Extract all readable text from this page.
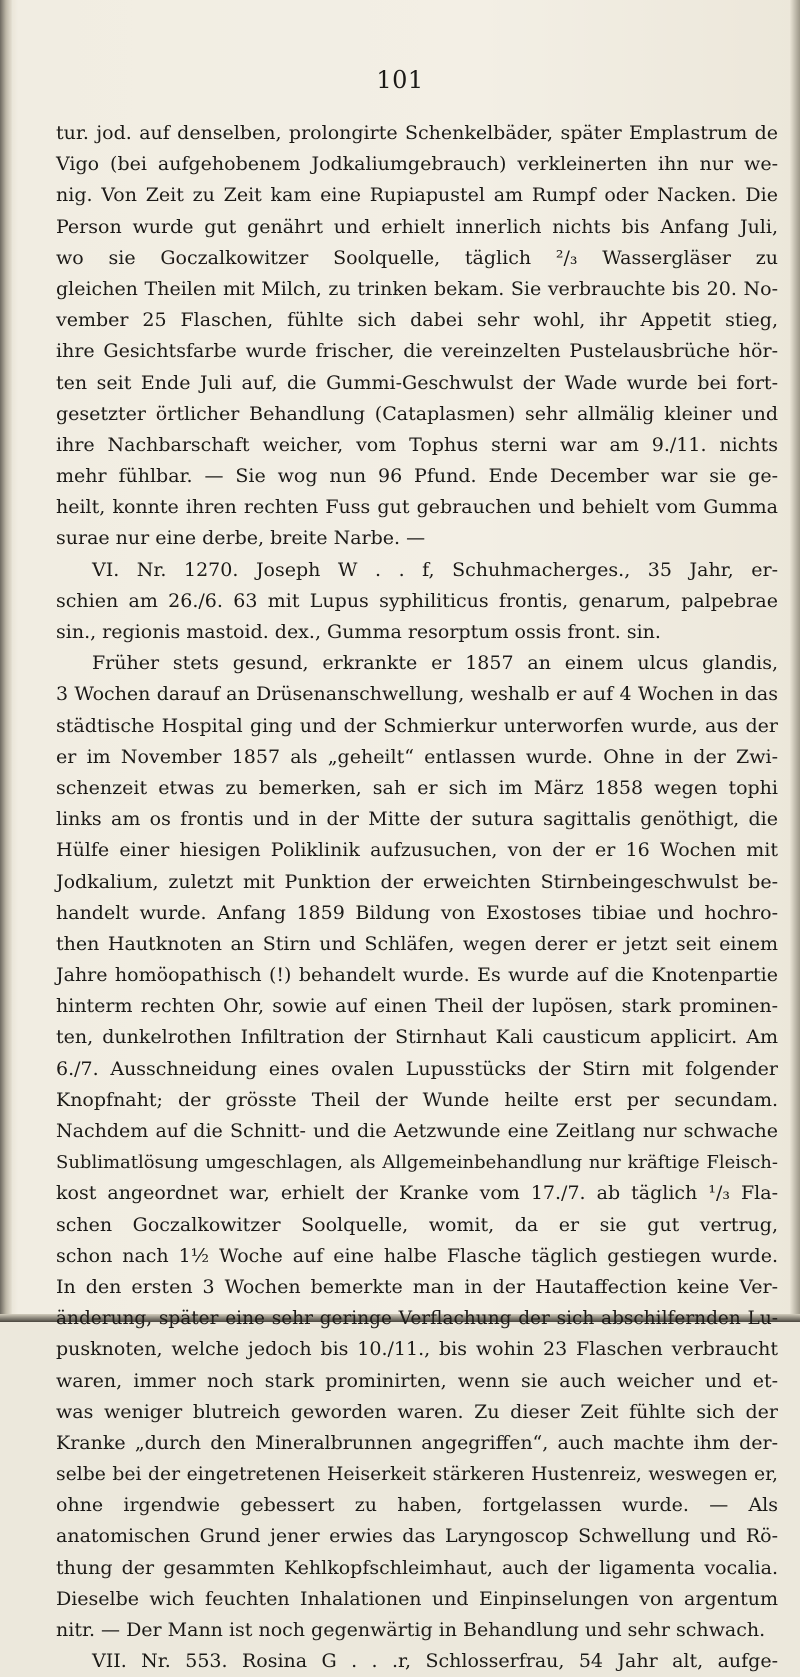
101
tur. jod. auf denselben, prolongirte Schenkelbäder, später Emplastrum de
Vigo (bei aufgehobenem Jodkaliumgebrauch) verkleinerten ihn nur we-
nig. Von Zeit zu Zeit kam eine Rupiapustel am Rumpf oder Nacken. Die
Person wurde gut genährt und erhielt innerlich nichts bis Anfang Juli,
wo sie Goczalkowitzer Soolquelle, täglich ²/₃ Wassergläser zu
gleichen Theilen mit Milch, zu trinken bekam. Sie verbrauchte bis 20. No-
vember 25 Flaschen, fühlte sich dabei sehr wohl, ihr Appetit stieg,
ihre Gesichtsfarbe wurde frischer, die vereinzelten Pustelausbrüche hör-
ten seit Ende Juli auf, die Gummi-Geschwulst der Wade wurde bei fort-
gesetzter örtlicher Behandlung (Cataplasmen) sehr allmälig kleiner und
ihre Nachbarschaft weicher, vom Tophus sterni war am 9./11. nichts
mehr fühlbar. — Sie wog nun 96 Pfund. Ende December war sie ge-
heilt, konnte ihren rechten Fuss gut gebrauchen und behielt vom Gumma
surae nur eine derbe, breite Narbe. —
VI. Nr. 1270. Joseph W . . f, Schuhmacherges., 35 Jahr, er-
schien am 26./6. 63 mit Lupus syphiliticus frontis, genarum, palpebrae
sin., regionis mastoid. dex., Gumma resorptum ossis front. sin.
Früher stets gesund, erkrankte er 1857 an einem ulcus glandis,
3 Wochen darauf an Drüsenanschwellung, weshalb er auf 4 Wochen in das
städtische Hospital ging und der Schmierkur unterworfen wurde, aus der
er im November 1857 als „geheilt“ entlassen wurde. Ohne in der Zwi-
schenzeit etwas zu bemerken, sah er sich im März 1858 wegen tophi
links am os frontis und in der Mitte der sutura sagittalis genöthigt, die
Hülfe einer hiesigen Poliklinik aufzusuchen, von der er 16 Wochen mit
Jodkalium, zuletzt mit Punktion der erweichten Stirnbeingeschwulst be-
handelt wurde. Anfang 1859 Bildung von Exostoses tibiae und hochro-
then Hautknoten an Stirn und Schläfen, wegen derer er jetzt seit einem
Jahre homöopathisch (!) behandelt wurde. Es wurde auf die Knotenpartie
hinterm rechten Ohr, sowie auf einen Theil der lupösen, stark prominen-
ten, dunkelrothen Infiltration der Stirnhaut Kali causticum applicirt. Am
6./7. Ausschneidung eines ovalen Lupusstücks der Stirn mit folgender
Knopfnaht; der grösste Theil der Wunde heilte erst per secundam.
Nachdem auf die Schnitt- und die Aetzwunde eine Zeitlang nur schwache
Sublimatlösung umgeschlagen, als Allgemeinbehandlung nur kräftige Fleisch-
kost angeordnet war, erhielt der Kranke vom 17./7. ab täglich ¹/₃ Fla-
schen Goczalkowitzer Soolquelle, womit, da er sie gut vertrug,
schon nach 1½ Woche auf eine halbe Flasche täglich gestiegen wurde.
In den ersten 3 Wochen bemerkte man in der Hautaffection keine Ver-
änderung, später eine sehr geringe Verflachung der sich abschilfernden Lu-
pusknoten, welche jedoch bis 10./11., bis wohin 23 Flaschen verbraucht
waren, immer noch stark prominirten, wenn sie auch weicher und et-
was weniger blutreich geworden waren. Zu dieser Zeit fühlte sich der
Kranke „durch den Mineralbrunnen angegriffen“, auch machte ihm der-
selbe bei der eingetretenen Heiserkeit stärkeren Hustenreiz, weswegen er,
ohne irgendwie gebessert zu haben, fortgelassen wurde. — Als
anatomischen Grund jener erwies das Laryngoscop Schwellung und Rö-
thung der gesammten Kehlkopfschleimhaut, auch der ligamenta vocalia.
Dieselbe wich feuchten Inhalationen und Einpinselungen von argentum
nitr. — Der Mann ist noch gegenwärtig in Behandlung und sehr schwach.
VII. Nr. 553. Rosina G . . .r, Schlosserfrau, 54 Jahr alt, aufge-
